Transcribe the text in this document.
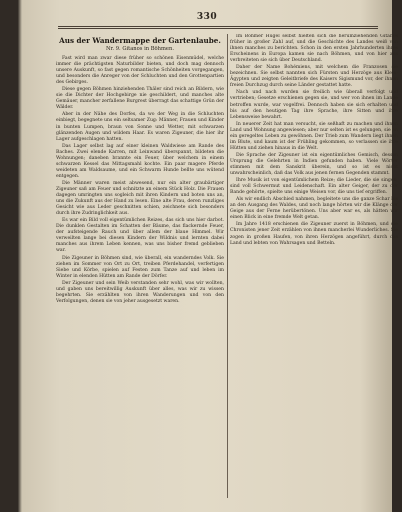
330
Aus der Wandermappe der Gartenlaube.
Nr. 9. Gitanos in Böhmen.

Fast wird man zwar diese früher so schönen Eisenmüdel, welche immer die prächtigsten Naturbilder bieten, und doch mag dennoch unsere Auskunft, so fast gegen romantische Schönheiten vorgegangen, und besonders die Anreger von der Schluchten und den Grottenpartien des Gebirges.

Diese gegen Böhmen hinziehenden Thäler sind reich an Bildern, wie sie die Dichter der Hochgebirge nie geschildert, und manches alte Gemäuer, mancher zerfallene Burgrest überragt das schattige Grün der Wälder.

Aber in der Nähe des Dorfes, da wo der Weg in die Schluchten einbiegt, begegnete uns ein seltsamer Zug: Männer, Frauen und Kinder in bunten Lumpen, braun von Sonne und Wetter, mit schwarzen glänzenden Augen und wildem Haar. Es waren Zigeuner, die hier ihr Lager aufgeschlagen hatten.

Das Lager selbst lag auf einer kleinen Waldwiese am Rande des Baches. Zwei elende Karren, mit Leinwand überspannt, bildeten die Wohnungen; daneben brannte ein Feuer, über welchem in einem schwarzen Kessel das Mittagsmahl kochte. Ein paar magere Pferde weideten am Waldsaume, und ein Schwarm Hunde bellte uns wütend entgegen.

Die Männer waren meist abwesend, nur ein alter graubärtiger Zigeuner saß am Feuer und schnitzte an einem Stück Holz. Die Frauen dagegen umringten uns sogleich mit ihren Kindern und boten uns an, uns die Zukunft aus der Hand zu lesen. Eine alte Frau, deren runzliges Gesicht wie aus Leder geschnitten schien, zeichnete sich besonders durch ihre Zudringlichkeit aus.

Es war ein Bild voll eigentümlichen Reizes, das sich uns hier darbot. Die dunklen Gestalten im Schatten der Bäume, das flackernde Feuer, der aufsteigende Rauch und über allem der blaue Himmel. Wir verweilten lange bei diesen Kindern der Wildnis und lernten dabei manches aus ihrem Leben kennen, was uns bisher fremd geblieben war.

Die Zigeuner in Böhmen sind, wie überall, ein wanderndes Volk. Sie ziehen im Sommer von Ort zu Ort, treiben Pferdehandel, verfertigen Siebe und Körbe, spielen auf Festen zum Tanze auf und leben im Winter in elenden Hütten am Rande der Dörfer.

Der Zigeuner und sein Weib verstanden sehr wohl, was wir wollten, und gaben uns bereitwillig Auskunft über alles, was wir zu wissen begehrten. Sie erzählten von ihren Wanderungen und von den Verfolgungen, denen sie von jeher ausgesetzt waren.

Im Böhmer Hügel selbst hielten sich die herumziehenden Gitanos früher in großer Zahl auf, und die Geschichte des Landes weiß von ihnen manches zu berichten. Schon in den ersten Jahrhunderten ihres Erscheinens in Europa kamen sie nach Böhmen, und von hier aus verbreiteten sie sich über Deutschland.

Daher der Name Bohémiens, mit welchem die Franzosen sie bezeichnen. Sie selbst nannten sich Fürsten und Herzöge aus Klein-Ägypten und zeigten Geleitbriefe des Kaisers Sigismund vor, der ihnen freien Durchzug durch seine Länder gestattet hatte.

Nach und nach wurden sie freilich wie überall verfolgt und vertrieben; Gesetze erschienen gegen sie, und wer von ihnen im Lande betroffen wurde, war vogelfrei. Dennoch haben sie sich erhalten und bis auf den heutigen Tag ihre Sprache, ihre Sitten und ihre Lebensweise bewahrt.

In neuerer Zeit hat man versucht, sie seßhaft zu machen und ihnen Land und Wohnung angewiesen; aber nur selten ist es gelungen, sie an ein geregeltes Leben zu gewöhnen. Der Trieb zum Wandern liegt ihnen im Blute, und kaum ist der Frühling gekommen, so verlassen sie ihre Hütten und ziehen hinaus in die Welt.

Die Sprache der Zigeuner ist ein eigentümliches Gemisch, dessen Ursprung die Gelehrten in Indien gefunden haben. Viele Wörter stimmen mit dem Sanskrit überein, und so ist es nicht unwahrscheinlich, daß das Volk aus jenen fernen Gegenden stammt.

Ihre Musik ist von eigentümlichem Reize; die Lieder, die sie singen, sind voll Schwermut und Leidenschaft. Ein alter Geiger, der zu der Bande gehörte, spielte uns einige Weisen vor, die uns tief ergriffen.

Als wir endlich Abschied nahmen, begleitete uns die ganze Schar bis an den Ausgang des Waldes, und noch lange hörten wir die Klänge der Geige aus der Ferne herübertönen. Uns aber war es, als hätten wir einen Blick in eine fremde Welt getan.

Im Jahre 1418 erschienen die Zigeuner zuerst in Böhmen, und die Chronisten jener Zeit erzählen von ihnen mancherlei Wunderliches. Sie zogen in großen Haufen, von ihren Herzögen angeführt, durch das Land und lebten von Wahrsagen und Betteln.
